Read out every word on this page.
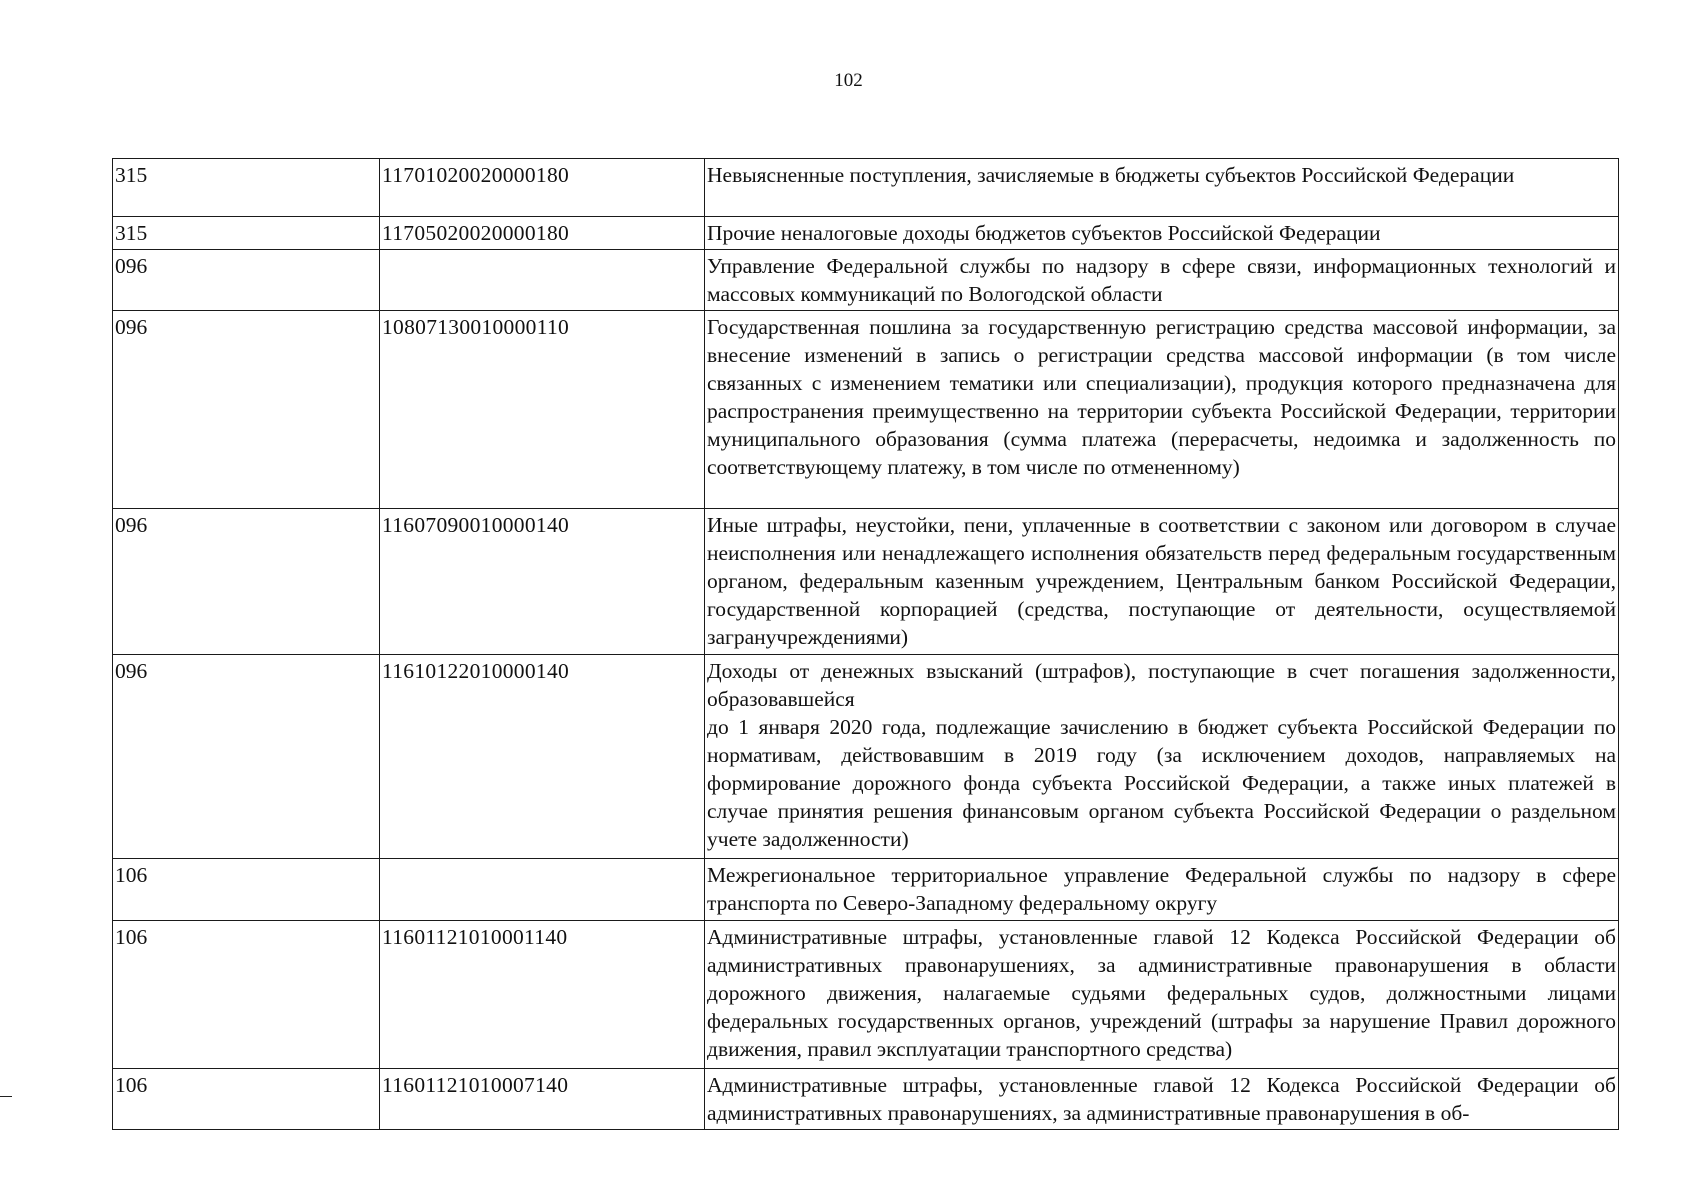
102
315	11701020020000180	Невыясненные поступления, зачисляемые в бюджеты субъектов Российской Федерации

315	11705020020000180	Прочие неналоговые доходы бюджетов субъектов Российской Федерации

096		Управление Федеральной службы по надзору в сфере связи, информационных технологий и массовых коммуникаций по Вологодской области

096	10807130010000110	Государственная пошлина за государственную регистрацию средства массовой информации, за внесение изменений в запись о регистрации средства массовой информации (в том числе связанных с изменением тематики или специализации), продукция которого предназначена для распространения преимущественно на территории субъекта Российской Федерации, территории муниципального образования (сумма платежа (перерасчеты, недоимка и задолженность по соответствующему платежу, в том числе по отмененному)

096	11607090010000140	Иные штрафы, неустойки, пени, уплаченные в соответствии с законом или договором в случае неисполнения или ненадлежащего исполнения обязательств перед федеральным государственным органом, федеральным казенным учреждением, Центральным банком Российской Федерации, государственной корпорацией (средства, поступающие от деятельности, осуществляемой загранучреждениями)

096	11610122010000140	Доходы от денежных взысканий (штрафов), поступающие в счет погашения задолженности, образовавшейся
до 1 января 2020 года, подлежащие зачислению в бюджет субъекта Российской Федерации по нормативам, действовавшим в 2019 году (за исключением доходов, направляемых на формирование дорожного фонда субъекта Российской Федерации, а также иных платежей в случае принятия решения финансовым органом субъекта Российской Федерации о раздельном учете задолженности)

106		Межрегиональное территориальное управление Федеральной службы по надзору в сфере транспорта по Северо-Западному федеральному округу

106	11601121010001140	Административные штрафы, установленные главой 12 Кодекса Российской Федерации об административных правонарушениях, за административные правонарушения в области дорожного движения, налагаемые судьями федеральных судов, должностными лицами федеральных государственных органов, учреждений (штрафы за нарушение Правил дорожного движения, правил эксплуатации транспортного средства)

106	11601121010007140	Административные штрафы, установленные главой 12 Кодекса Российской Федерации об административных правонарушениях, за административные правонарушения в об-
